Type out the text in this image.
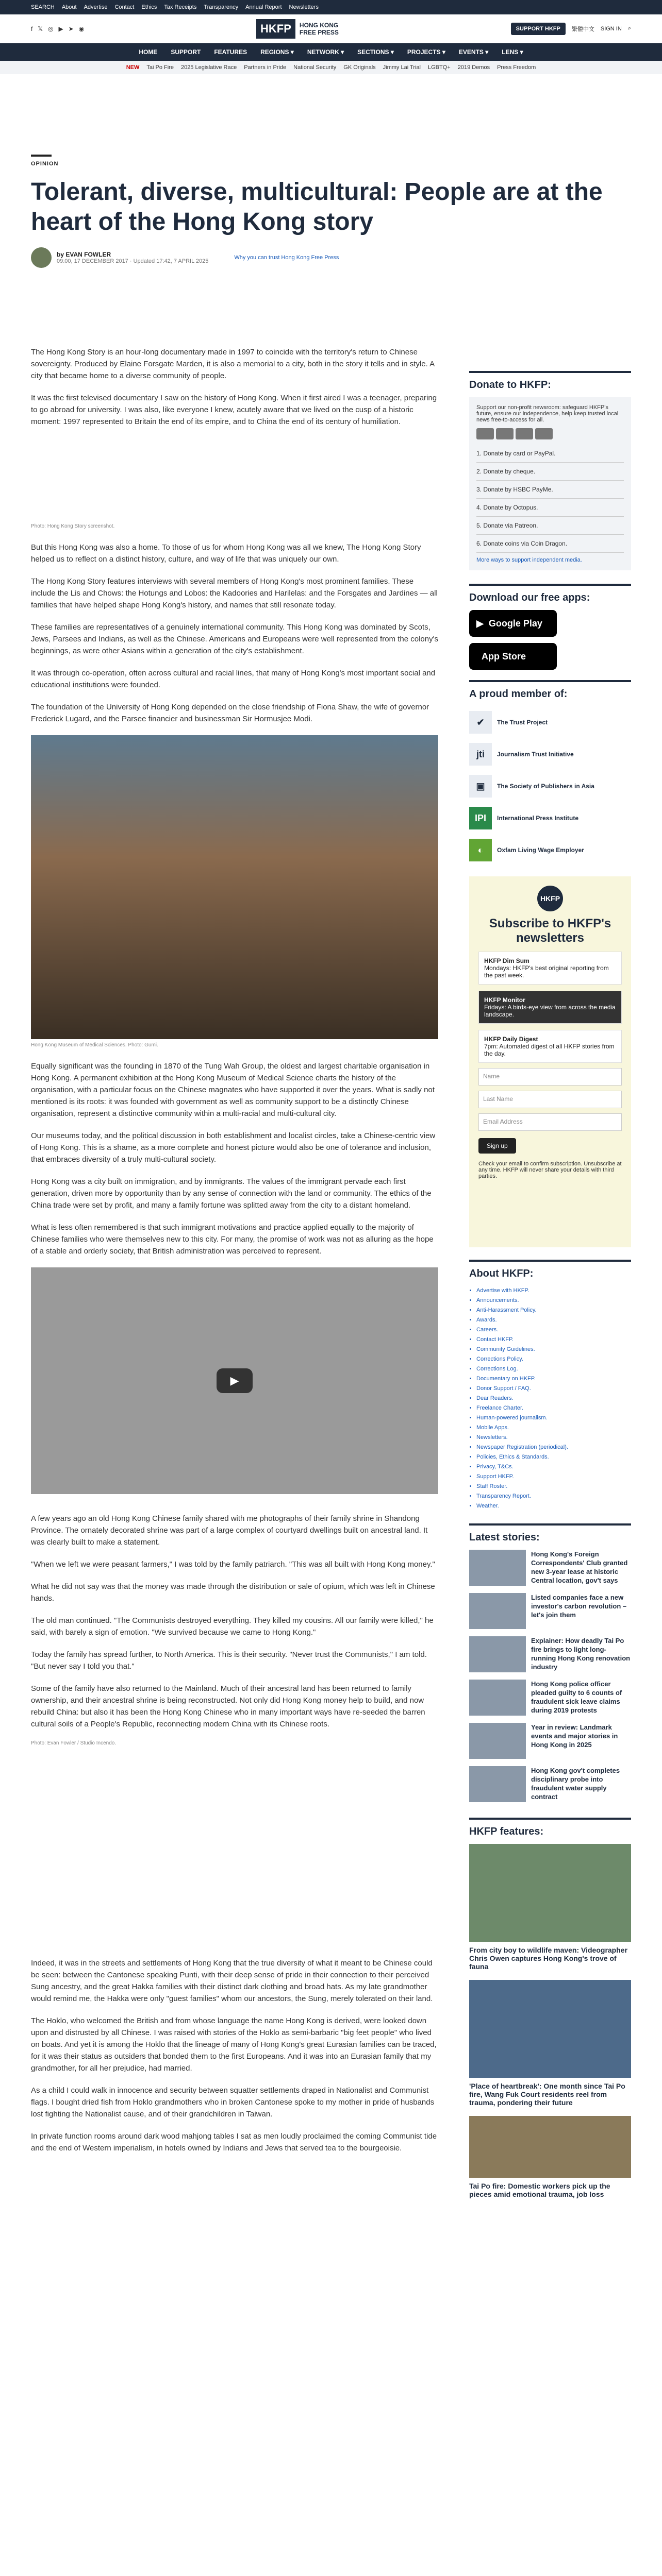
SEARCH About Advertise Contact Ethics Tax Receipts Transparency Annual Report Newsletters
f 𝕏 ◎ ▶ ➤ ◉	HKFP	HONG KONG
FREE PRESS	SUPPORT HKFP	繁體中文 SIGN IN ⌕
HOME SUPPORT FEATURES REGIONS ▾ NETWORK ▾ SECTIONS ▾ PROJECTS ▾ EVENTS ▾ LENS ▾
NEW Tai Po Fire 2025 Legislative Race Partners in Pride National Security GK Originals Jimmy Lai Trial LGBTQ+ 2019 Demos Press Freedom
OPINION
Tolerant, diverse, multicultural: People are at the heart of the Hong Kong story
by EVAN FOWLER
09:00, 17 DECEMBER 2017 · Updated 17:42, 7 APRIL 2025
Why you can trust Hong Kong Free Press

The Hong Kong Story is an hour-long documentary made in 1997 to coincide with the territory's return to Chinese sovereignty. Produced by Elaine Forsgate Marden, it is also a memorial to a city, both in the story it tells and in style. A city that became home to a diverse community of people.

It was the first televised documentary I saw on the history of Hong Kong. When it first aired I was a teenager, preparing to go abroad for university. I was also, like everyone I knew, acutely aware that we lived on the cusp of a historic moment: 1997 represented to Britain the end of its empire, and to China the end of its century of humiliation.

Photo: Hong Kong Story screenshot.

But this Hong Kong was also a home. To those of us for whom Hong Kong was all we knew, The Hong Kong Story helped us to reflect on a distinct history, culture, and way of life that was uniquely our own.

The Hong Kong Story features interviews with several members of Hong Kong's most prominent families. These include the Lis and Chows: the Hotungs and Lobos: the Kadoories and Harilelas: and the Forsgates and Jardines — all families that have helped shape Hong Kong's history, and names that still resonate today.

These families are representatives of a genuinely international community. This Hong Kong was dominated by Scots, Jews, Parsees and Indians, as well as the Chinese. Americans and Europeans were well represented from the colony's beginnings, as were other Asians within a generation of the city's establishment.

It was through co-operation, often across cultural and racial lines, that many of Hong Kong's most important social and educational institutions were founded.

The foundation of the University of Hong Kong depended on the close friendship of Fiona Shaw, the wife of governor Frederick Lugard, and the Parsee financier and businessman Sir Hormusjee Modi.

Hong Kong Museum of Medical Sciences. Photo: Gumi.

Equally significant was the founding in 1870 of the Tung Wah Group, the oldest and largest charitable organisation in Hong Kong. A permanent exhibition at the Hong Kong Museum of Medical Science charts the history of the organisation, with a particular focus on the Chinese magnates who have supported it over the years. What is sadly not mentioned is its roots: it was founded with government as well as community support to be a distinctly Chinese organisation, represent a distinctive community within a multi-racial and multi-cultural city.

Our museums today, and the political discussion in both establishment and localist circles, take a Chinese-centric view of Hong Kong. This is a shame, as a more complete and honest picture would also be one of tolerance and inclusion, that embraces diversity of a truly multi-cultural society.

Hong Kong was a city built on immigration, and by immigrants. The values of the immigrant pervade each first generation, driven more by opportunity than by any sense of connection with the land or community. The ethics of the China trade were set by profit, and many a family fortune was splitted away from the city to a distant homeland.

What is less often remembered is that such immigrant motivations and practice applied equally to the majority of Chinese families who were themselves new to this city. For many, the promise of work was not as alluring as the hope of a stable and orderly society, that British administration was perceived to represent.

▶

A few years ago an old Hong Kong Chinese family shared with me photographs of their family shrine in Shandong Province. The ornately decorated shrine was part of a large complex of courtyard dwellings built on ancestral land. It was clearly built to make a statement.

"When we left we were peasant farmers," I was told by the family patriarch. "This was all built with Hong Kong money."

What he did not say was that the money was made through the distribution or sale of opium, which was left in Chinese hands.

The old man continued. "The Communists destroyed everything. They killed my cousins. All our family were killed," he said, with barely a sign of emotion. "We survived because we came to Hong Kong."

Today the family has spread further, to North America. This is their security. "Never trust the Communists," I am told. "But never say I told you that."

Some of the family have also returned to the Mainland. Much of their ancestral land has been returned to family ownership, and their ancestral shrine is being reconstructed. Not only did Hong Kong money help to build, and now rebuild China: but also it has been the Hong Kong Chinese who in many important ways have re-seeded the barren cultural soils of a People's Republic, reconnecting modern China with its Chinese roots.

Photo: Evan Fowler / Studio Incendo.

Indeed, it was in the streets and settlements of Hong Kong that the true diversity of what it meant to be Chinese could be seen: between the Cantonese speaking Punti, with their deep sense of pride in their connection to their perceived Sung ancestry, and the great Hakka families with their distinct dark clothing and broad hats. As my late grandmother would remind me, the Hakka were only "guest families" whom our ancestors, the Sung, merely tolerated on their land.

The Hoklo, who welcomed the British and from whose language the name Hong Kong is derived, were looked down upon and distrusted by all Chinese. I was raised with stories of the Hoklo as semi-barbaric "big feet people" who lived on boats. And yet it is among the Hoklo that the lineage of many of Hong Kong's great Eurasian families can be traced, for it was their status as outsiders that bonded them to the first Europeans. And it was into an Eurasian family that my grandmother, for all her prejudice, had married.

As a child I could walk in innocence and security between squatter settlements draped in Nationalist and Communist flags. I bought dried fish from Hoklo grandmothers who in broken Cantonese spoke to my mother in pride of husbands lost fighting the Nationalist cause, and of their grandchildren in Taiwan.

In private function rooms around dark wood mahjong tables I sat as men loudly proclaimed the coming Communist tide and the end of Western imperialism, in hotels owned by Indians and Jews that served tea to the bourgeoisie.

Donate to HKFP:
Support our non-profit newsroom: safeguard HKFP's future, ensure our independence, help keep trusted local news free-to-access for all.
1. Donate by card or PayPal.
2. Donate by cheque.
3. Donate by HSBC PayMe.
4. Donate by Octopus.
5. Donate via Patreon.
6. Donate coins via Coin Dragon.
More ways to support independent media.
Download our free apps:
▶ Google Play
App Store
A proud member of:
✔	The Trust Project
jti	Journalism Trust Initiative
▣	The Society of Publishers in Asia
IPI	International Press Institute
◐	Oxfam Living Wage Employer
HKFP
Subscribe to HKFP's newsletters
HKFP Dim Sum
Mondays: HKFP's best original reporting from the past week.
HKFP Monitor
Fridays: A birds-eye view from across the media landscape.
HKFP Daily Digest
7pm: Automated digest of all HKFP stories from the day.
Name
Last Name
Email Address
Sign up

Check your email to confirm subscription. Unsubscribe at any time. HKFP will never share your details with third parties.

About HKFP:
• Advertise with HKFP.
• Announcements.
• Anti-Harassment Policy.
• Awards.
• Careers.
• Contact HKFP.
• Community Guidelines.
• Corrections Policy.
• Corrections Log.
• Documentary on HKFP.
• Donor Support / FAQ.
• Dear Readers.
• Freelance Charter.
• Human-powered journalism.
• Mobile Apps.
• Newsletters.
• Newspaper Registration (periodical).
• Policies, Ethics & Standards.
• Privacy, T&Cs.
• Support HKFP.
• Staff Roster.
• Transparency Report.
• Weather.
Latest stories:
Hong Kong's Foreign Correspondents' Club granted new 3-year lease at historic Central location, gov't says
Listed companies face a new investor's carbon revolution – let's join them
Explainer: How deadly Tai Po fire brings to light long-running Hong Kong renovation industry
Hong Kong police officer pleaded guilty to 6 counts of fraudulent sick leave claims during 2019 protests
Year in review: Landmark events and major stories in Hong Kong in 2025
Hong Kong gov't completes disciplinary probe into fraudulent water supply contract
HKFP features:
From city boy to wildlife maven: Videographer Chris Owen captures Hong Kong's trove of fauna
'Place of heartbreak': One month since Tai Po fire, Wang Fuk Court residents reel from trauma, pondering their future
Tai Po fire: Domestic workers pick up the pieces amid emotional trauma, job loss
